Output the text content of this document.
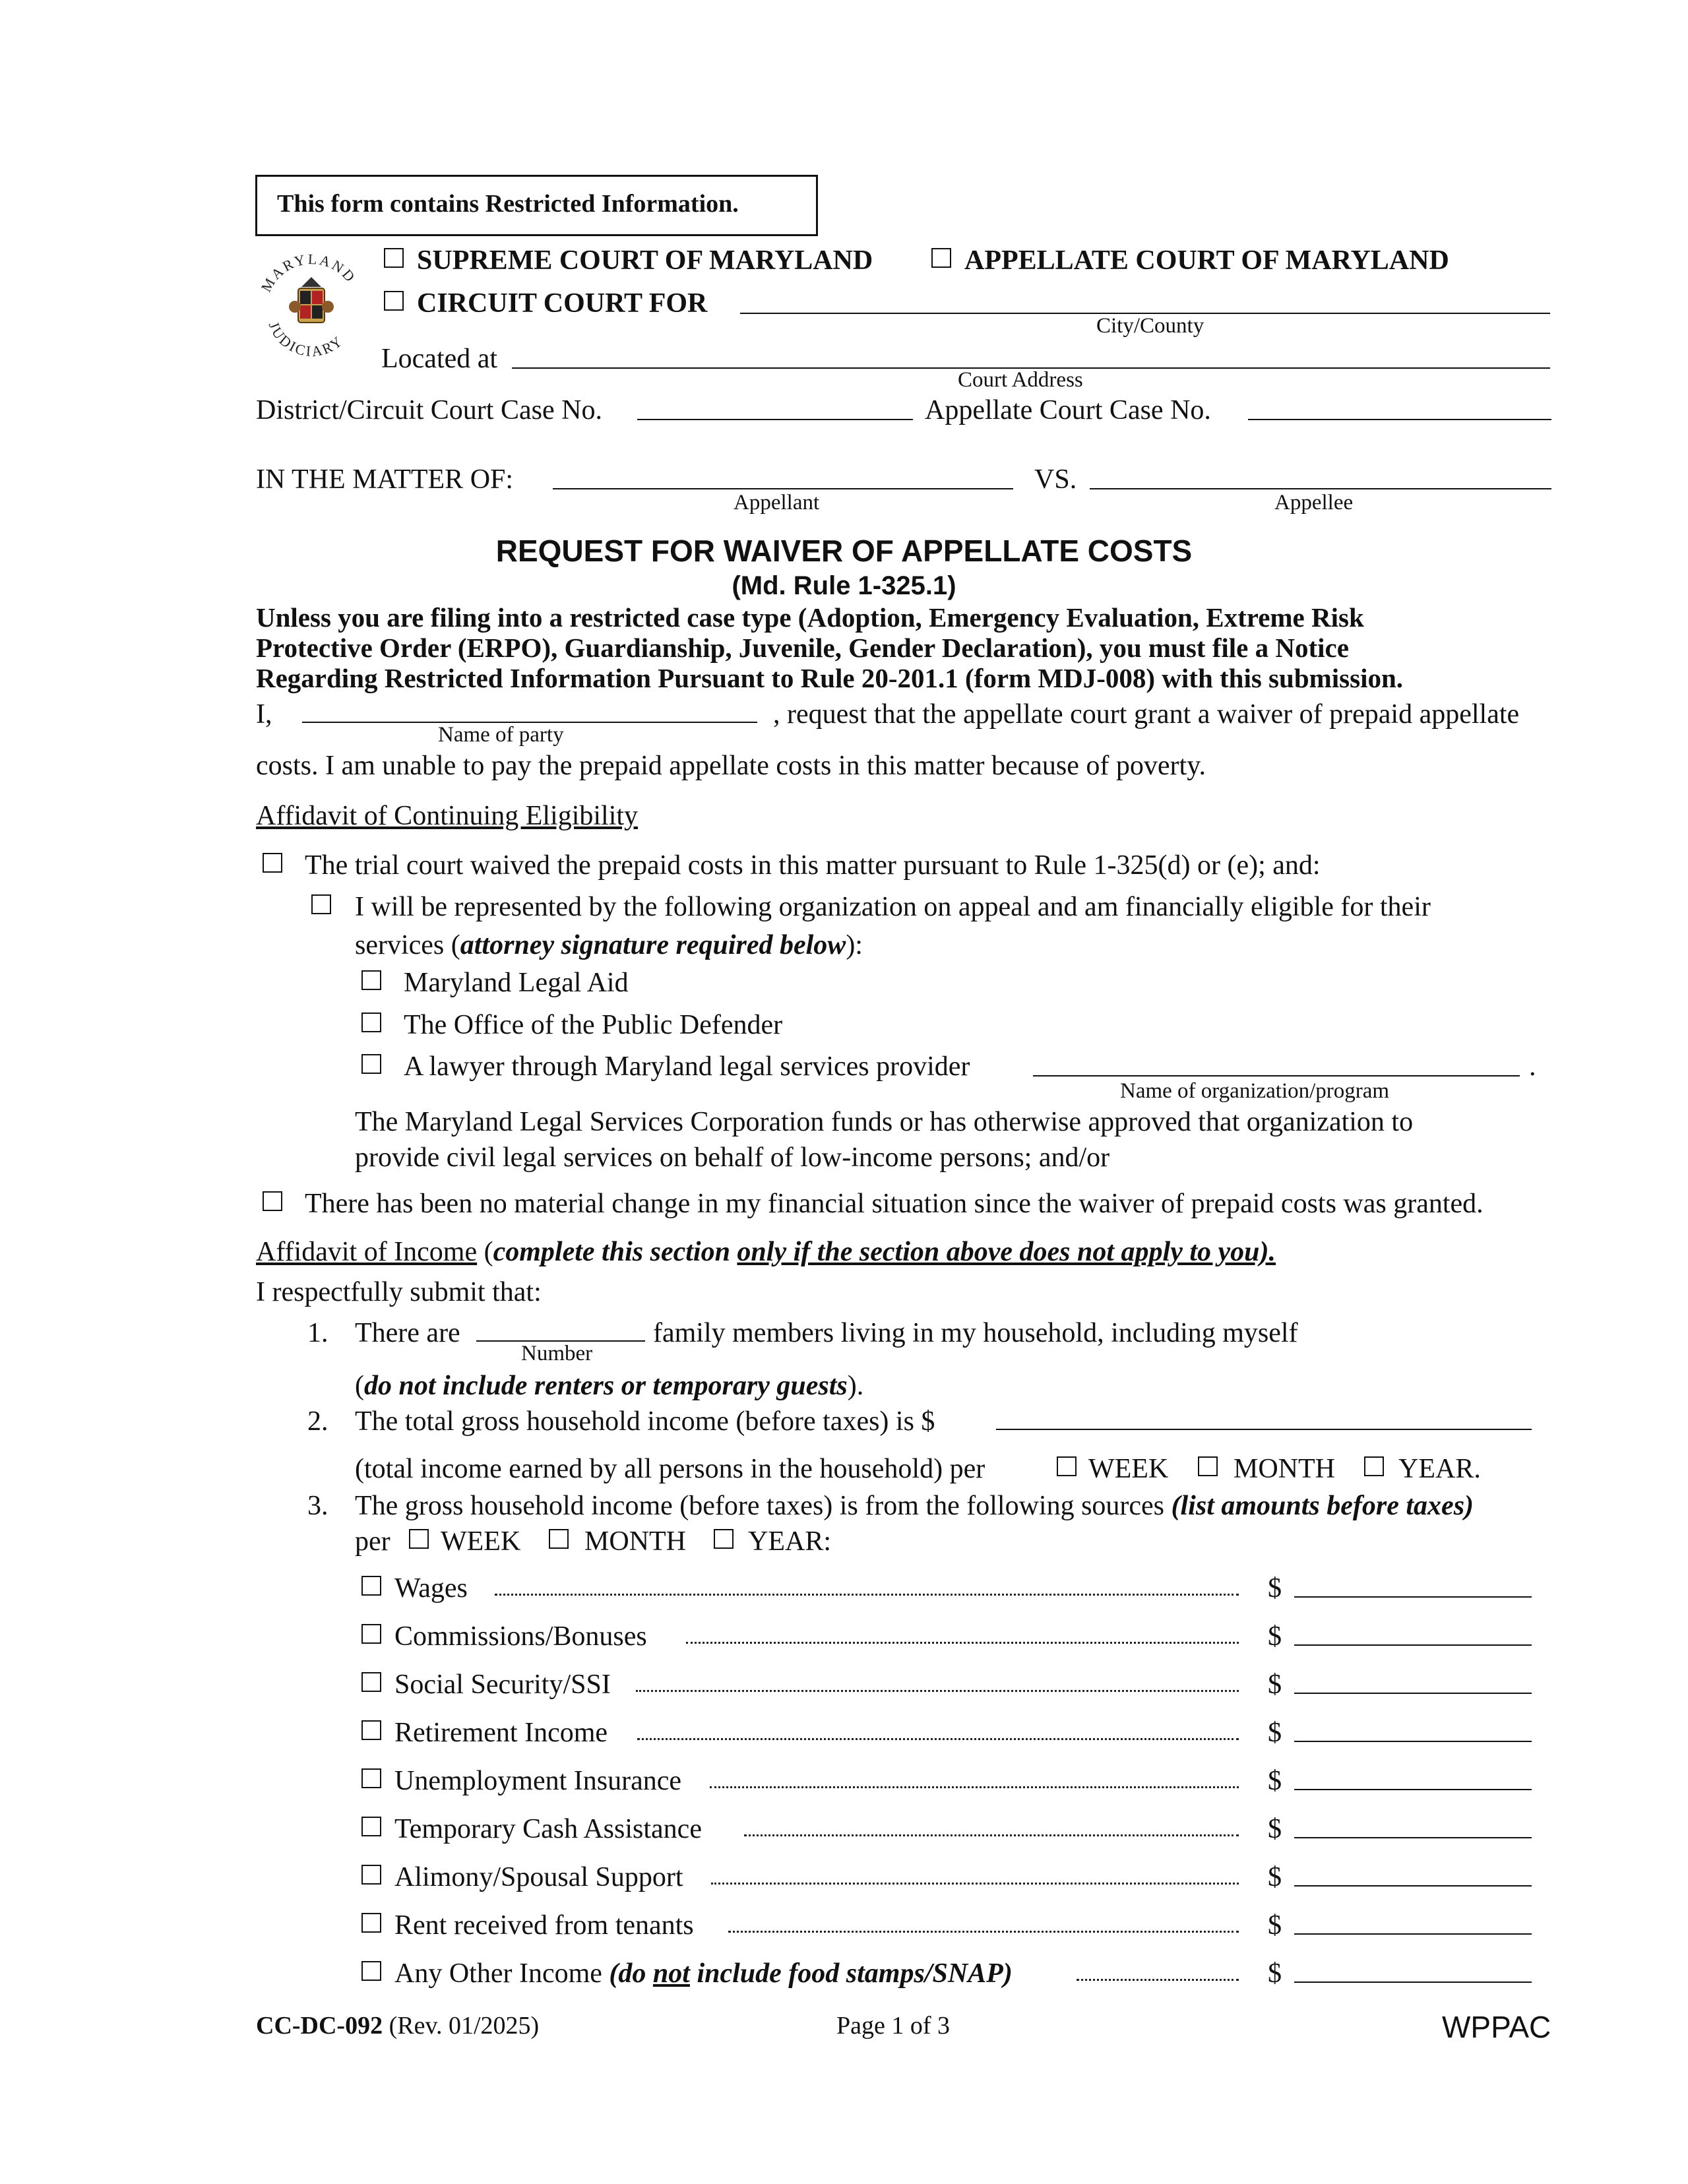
This form contains Restricted Information.
MARYLAND
JUDICIARY
SUPREME COURT OF MARYLAND	APPELLATE COURT OF MARYLAND
CIRCUIT COURT FOR
City/County
Located at
Court Address
District/Circuit Court Case No.	Appellate Court Case No.
IN THE MATTER OF:
Appellant
VS.
Appellee
REQUEST FOR WAIVER OF APPELLATE COSTS
(Md. Rule 1-325.1)
Unless you are filing into a restricted case type (Adoption, Emergency Evaluation, Extreme Risk
Protective Order (ERPO), Guardianship, Juvenile, Gender Declaration), you must file a Notice
Regarding Restricted Information Pursuant to Rule 20-201.1 (form MDJ-008) with this submission.
I,
Name of party
, request that the appellate court grant a waiver of prepaid appellate
costs. I am unable to pay the prepaid appellate costs in this matter because of poverty.
Affidavit of Continuing Eligibility
The trial court waived the prepaid costs in this matter pursuant to Rule 1-325(d) or (e); and:
I will be represented by the following organization on appeal and am financially eligible for their
services (attorney signature required below):
Maryland Legal Aid
The Office of the Public Defender
A lawyer through Maryland legal services provider	.
Name of organization/program
The Maryland Legal Services Corporation funds or has otherwise approved that organization to
provide civil legal services on behalf of low-income persons; and/or
There has been no material change in my financial situation since the waiver of prepaid costs was granted.
Affidavit of Income (complete this section only if the section above does not apply to you).
I respectfully submit that:
1. There are
Number
family members living in my household, including myself
(do not include renters or temporary guests).
2. The total gross household income (before taxes) is $
(total income earned by all persons in the household) per	WEEK MONTH YEAR.
3. The gross household income (before taxes) is from the following sources (list amounts before taxes)
per WEEK MONTH YEAR:
Wages	$
Commissions/Bonuses	$
Social Security/SSI	$
Retirement Income	$
Unemployment Insurance	$
Temporary Cash Assistance	$
Alimony/Spousal Support	$
Rent received from tenants	$
Any Other Income (do not include food stamps/SNAP)	$
CC-DC-092 (Rev. 01/2025)	Page 1 of 3	WPPAC
